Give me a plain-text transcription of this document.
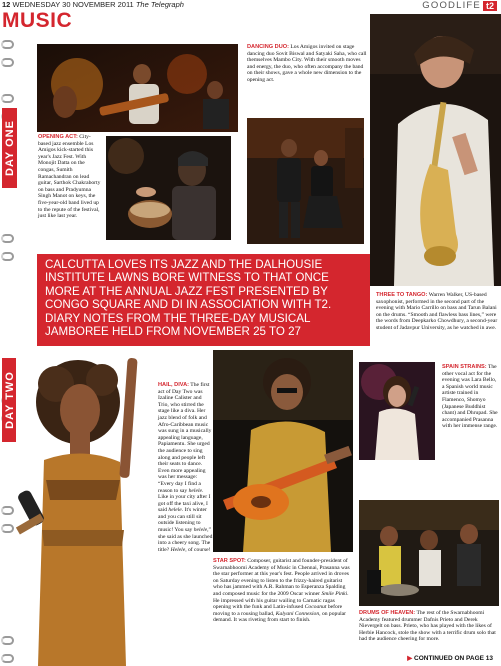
12 WEDNESDAY 30 NOVEMBER 2011 The Telegraph	GOODLIFE t2
MUSIC
DAY ONE
DAY TWO
OPENING ACT: City-based jazz ensemble Los Amigos kick-started this year's Jazz Fest. With Monojit Datta on the congas, Sumith Ramachandran on lead guitar, Sarthok Chakraborty on bass and Pradyumna Singh Manot on keys, the five-year-old band lived up to the repute of the festival, just like last year.
DANCING DUO: Los Amigos invited on stage dancing duo Sovit Biswal and Satyaki Saha, who call themselves Mambo City. With their smooth moves and energy, the duo, who often accompany the band on their shows, gave a whole new dimension to the opening act.
CALCUTTA LOVES ITS JAZZ AND THE DALHOUSIE INSTITUTE LAWNS BORE WITNESS TO THAT ONCE MORE AT THE ANNUAL JAZZ FEST PRESENTED BY CONGO SQUARE AND DI IN ASSOCIATION WITH T2. DIARY NOTES FROM THE THREE-DAY MUSICAL JAMBOREE HELD FROM NOVEMBER 25 TO 27
THREE TO TANGO: Warren Walker, US-based saxophonist, performed in the second part of the evening with Mario Carrillo on bass and Tarun Balani on the drums. “Smooth and flawless bass lines,” were the words from Deepkarko Chowdhury, a second-year student of Jadavpur University, as he watched in awe.
HAIL, DIVA: The first act of Day Two was Izaline Calister and Trio, who stirred the stage like a diva. Her jazz blend of folk and Afro-Caribbean music was sung in a musically appealing language, Papiamentu. She urged the audience to sing along and people left their seats to dance. Even more appealing was her message: “Every day I find a reason to say helele. Like in your city after I got off the taxi alive, I said helele. It's winter and you can still sit outside listening to music! You say helele,” she said as she launched into a cheery song. The title? Helele, of course!
SPAIN STRAINS: The other vocal act for the evening was Lara Bello, a Spanish world music artiste trained in Flamenco, Shomyo (Japanese Buddhist chant) and Dhrupad. She accompanied Prasanna with her immense range.
STAR SPOT: Composer, guitarist and founder-president of Swarnabhoomi Academy of Music in Chennai, Prasanna was the star performer at this year's fest. People arrived in droves on Saturday evening to listen to the frizzy-haired guitarist who has jammed with A.R. Rahman to Esperanza Spalding and composed music for the 2009 Oscar winner Smile Pinki. He impressed with his guitar wailing to Carnatic ragas opening with the funk and Latin-infused Cocoanut before moving to a rousing ballad, Kalyani Connexion, on popular demand. It was riveting from start to finish.
DRUMS OF HEAVEN: The rest of the Swarnabhoomi Academy featured drummer Dafnis Prieto and Derek Nievergelt on bass. Prieto, who has played with the likes of Herbie Hancock, stole the show with a terrific drum solo that had the audience cheering for more.
▶ CONTINUED ON PAGE 13
